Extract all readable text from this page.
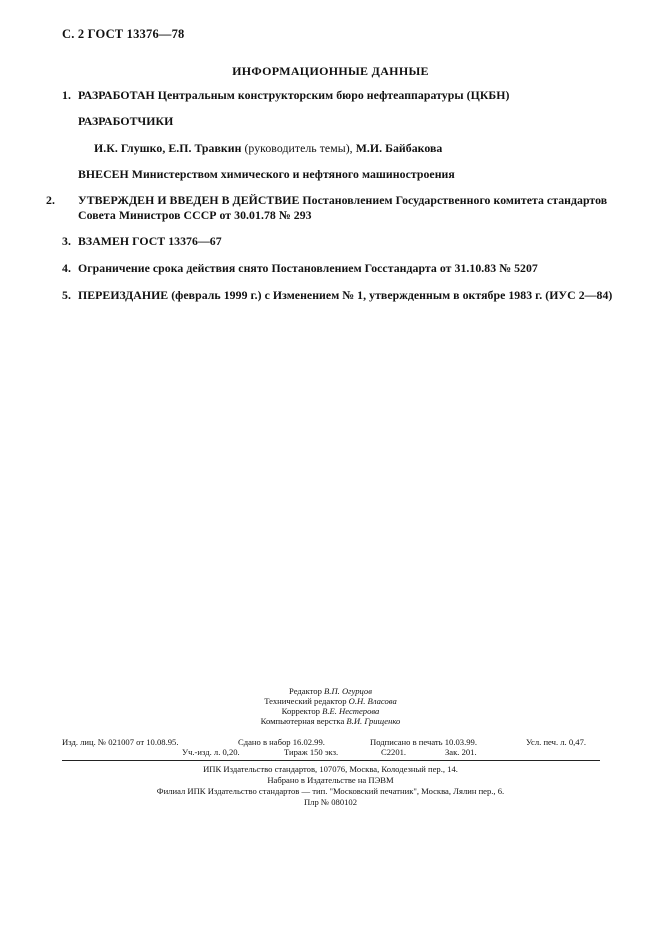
С. 2 ГОСТ 13376—78
ИНФОРМАЦИОННЫЕ ДАННЫЕ
1. РАЗРАБОТАН Центральным конструкторским бюро нефтеаппаратуры (ЦКБН)
РАЗРАБОТЧИКИ
И.К. Глушко, Е.П. Травкин (руководитель темы), М.И. Байбакова
ВНЕСЕН Министерством химического и нефтяного машиностроения
2. УТВЕРЖДЕН И ВВЕДЕН В ДЕЙСТВИЕ Постановлением Государственного комитета стандартов
Совета Министров СССР от 30.01.78 № 293
3. ВЗАМЕН ГОСТ 13376—67
4. Ограничение срока действия снято Постановлением Госстандарта от 31.10.83 № 5207
5. ПЕРЕИЗДАНИЕ (февраль 1999 г.) с Изменением № 1, утвержденным в октябре 1983 г. (ИУС 2—84)
Редактор В.П. Огурцов
Технический редактор О.Н. Власова
Корректор В.Е. Нестерова
Компьютерная верстка В.И. Грищенко
Изд. лиц. № 021007 от 10.08.95.	Сдано в набор 16.02.99.	Подписано в печать 10.03.99.	Усл. печ. л. 0,47.
Уч.-изд. л. 0,20.	Тираж 150 экз.	С2201.	Зак. 201.
ИПК Издательство стандартов, 107076, Москва, Колодезный пер., 14.
Набрано в Издательстве на ПЭВМ
Филиал ИПК Издательство стандартов — тип. "Московский печатник", Москва, Лялин пер., 6.
Плр № 080102
